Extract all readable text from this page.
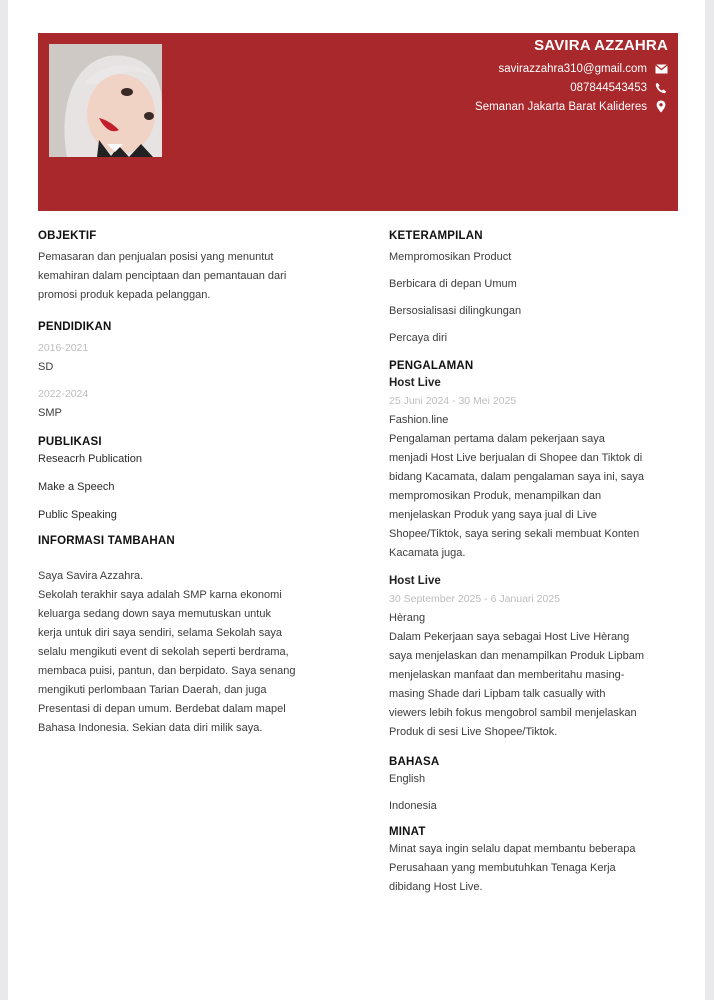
SAVIRA AZZAHRA
savirazzahra310@gmail.com
087844543453
Semanan Jakarta Barat Kalideres
OBJEKTIF
Pemasaran dan penjualan posisi yang menuntut
kemahiran dalam penciptaan dan pemantauan dari
promosi produk kepada pelanggan.
PENDIDIKAN
2016-2021
SD
2022-2024
SMP
PUBLIKASI
Reseacrh Publication
Make a Speech
Public Speaking
INFORMASI TAMBAHAN
Saya Savira Azzahra.
Sekolah terakhir saya adalah SMP karna ekonomi
keluarga sedang down saya memutuskan untuk
kerja untuk diri saya sendiri, selama Sekolah saya
selalu mengikuti event di sekolah seperti berdrama,
membaca puisi, pantun, dan berpidato. Saya senang
mengikuti perlombaan Tarian Daerah, dan juga
Presentasi di depan umum. Berdebat dalam mapel
Bahasa Indonesia. Sekian data diri milik saya.
KETERAMPILAN
Mempromosikan Product
Berbicara di depan Umum
Bersosialisasi dilingkungan
Percaya diri
PENGALAMAN
Host Live
25 Juni 2024 - 30 Mei 2025
Fashion.line
Pengalaman pertama dalam pekerjaan saya
menjadi Host Live berjualan di Shopee dan Tiktok di
bidang Kacamata, dalam pengalaman saya ini, saya
mempromosikan Produk, menampilkan dan
menjelaskan Produk yang saya jual di Live
Shopee/Tiktok, saya sering sekali membuat Konten
Kacamata juga.
Host Live
30 September 2025 - 6 Januari 2025
Hèrang
Dalam Pekerjaan saya sebagai Host Live Hèrang
saya menjelaskan dan menampilkan Produk Lipbam
menjelaskan manfaat dan memberitahu masing-
masing Shade dari Lipbam talk casually with
viewers lebih fokus mengobrol sambil menjelaskan
Produk di sesi Live Shopee/Tiktok.
BAHASA
English
Indonesia
MINAT
Minat saya ingin selalu dapat membantu beberapa
Perusahaan yang membutuhkan Tenaga Kerja
dibidang Host Live.
